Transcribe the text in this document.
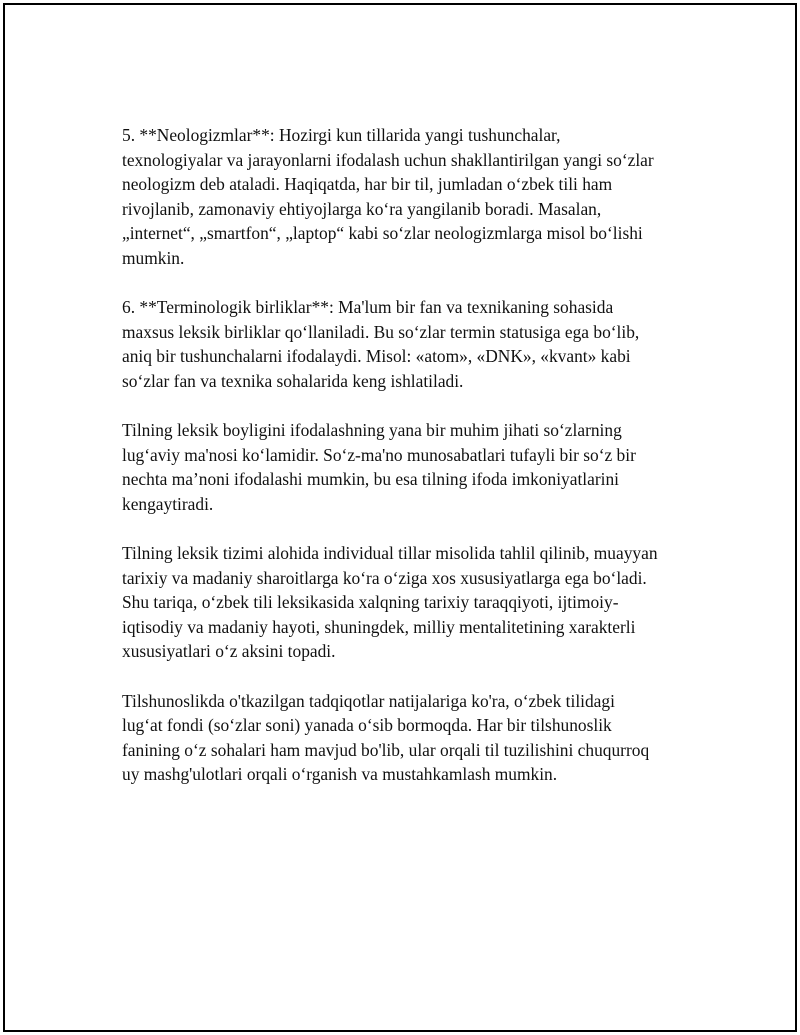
5. **Neologizmlar**: Hozirgi kun tillarida yangi tushunchalar,
texnologiyalar va jarayonlarni ifodalash uchun shakllantirilgan yangi so‘zlar
neologizm deb ataladi. Haqiqatda, har bir til, jumladan o‘zbek tili ham
rivojlanib, zamonaviy ehtiyojlarga ko‘ra yangilanib boradi. Masalan,
„internet“, „smartfon“, „laptop“ kabi so‘zlar neologizmlarga misol bo‘lishi
mumkin.

6. **Terminologik birliklar**: Ma'lum bir fan va texnikaning sohasida
maxsus leksik birliklar qo‘llaniladi. Bu so‘zlar termin statusiga ega bo‘lib,
aniq bir tushunchalarni ifodalaydi. Misol: «atom», «DNK», «kvant» kabi
so‘zlar fan va texnika sohalarida keng ishlatiladi.

Tilning leksik boyligini ifodalashning yana bir muhim jihati so‘zlarning
lug‘aviy ma'nosi ko‘lamidir. So‘z-ma'no munosabatlari tufayli bir so‘z bir
nechta ma’noni ifodalashi mumkin, bu esa tilning ifoda imkoniyatlarini
kengaytiradi.

Tilning leksik tizimi alohida individual tillar misolida tahlil qilinib, muayyan
tarixiy va madaniy sharoitlarga ko‘ra o‘ziga xos xususiyatlarga ega bo‘ladi.
Shu tariqa, o‘zbek tili leksikasida xalqning tarixiy taraqqiyoti, ijtimoiy-
iqtisodiy va madaniy hayoti, shuningdek, milliy mentalitetining xarakterli
xususiyatlari o‘z aksini topadi.

Tilshunoslikda o'tkazilgan tadqiqotlar natijalariga ko'ra, o‘zbek tilidagi
lug‘at fondi (so‘zlar soni) yanada o‘sib bormoqda. Har bir tilshunoslik
fanining o‘z sohalari ham mavjud bo'lib, ular orqali til tuzilishini chuqurroq
uy mashg'ulotlari orqali o‘rganish va mustahkamlash mumkin.
